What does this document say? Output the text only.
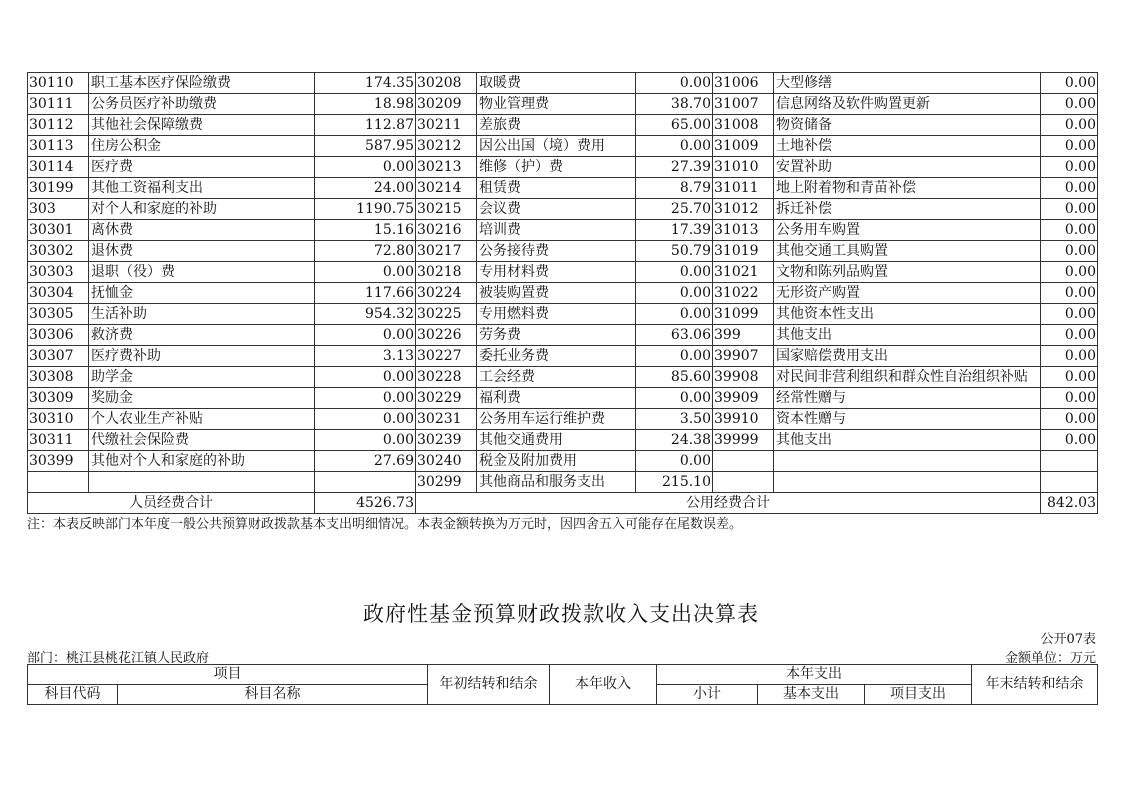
30110	职工基本医疗保险缴费	174.35	30208	取暖费	0.00	31006	大型修缮	0.00
30111	公务员医疗补助缴费	18.98	30209	物业管理费	38.70	31007	信息网络及软件购置更新	0.00
30112	其他社会保障缴费	112.87	30211	差旅费	65.00	31008	物资储备	0.00
30113	住房公积金	587.95	30212	因公出国（境）费用	0.00	31009	土地补偿	0.00
30114	医疗费	0.00	30213	维修（护）费	27.39	31010	安置补助	0.00
30199	其他工资福利支出	24.00	30214	租赁费	8.79	31011	地上附着物和青苗补偿	0.00
303	对个人和家庭的补助	1190.75	30215	会议费	25.70	31012	拆迁补偿	0.00
30301	离休费	15.16	30216	培训费	17.39	31013	公务用车购置	0.00
30302	退休费	72.80	30217	公务接待费	50.79	31019	其他交通工具购置	0.00
30303	退职（役）费	0.00	30218	专用材料费	0.00	31021	文物和陈列品购置	0.00
30304	抚恤金	117.66	30224	被装购置费	0.00	31022	无形资产购置	0.00
30305	生活补助	954.32	30225	专用燃料费	0.00	31099	其他资本性支出	0.00
30306	救济费	0.00	30226	劳务费	63.06	399	其他支出	0.00
30307	医疗费补助	3.13	30227	委托业务费	0.00	39907	国家赔偿费用支出	0.00
30308	助学金	0.00	30228	工会经费	85.60	39908	对民间非营利组织和群众性自治组织补贴	0.00
30309	奖励金	0.00	30229	福利费	0.00	39909	经常性赠与	0.00
30310	个人农业生产补贴	0.00	30231	公务用车运行维护费	3.50	39910	资本性赠与	0.00
30311	代缴社会保险费	0.00	30239	其他交通费用	24.38	39999	其他支出	0.00
30399	其他对个人和家庭的补助	27.69	30240	税金及附加费用	0.00			
			30299	其他商品和服务支出	215.10			
人员经费合计		4526.73	公用经费合计					842.03
注：本表反映部门本年度一般公共预算财政拨款基本支出明细情况。本表金额转换为万元时，因四舍五入可能存在尾数误差。
政府性基金预算财政拨款收入支出决算表
公开07表
部门：桃江县桃花江镇人民政府	金额单位：万元
项目		年初结转和结余	本年收入	本年支出			年末结转和结余
科目代码	科目名称			小计	基本支出	项目支出	
